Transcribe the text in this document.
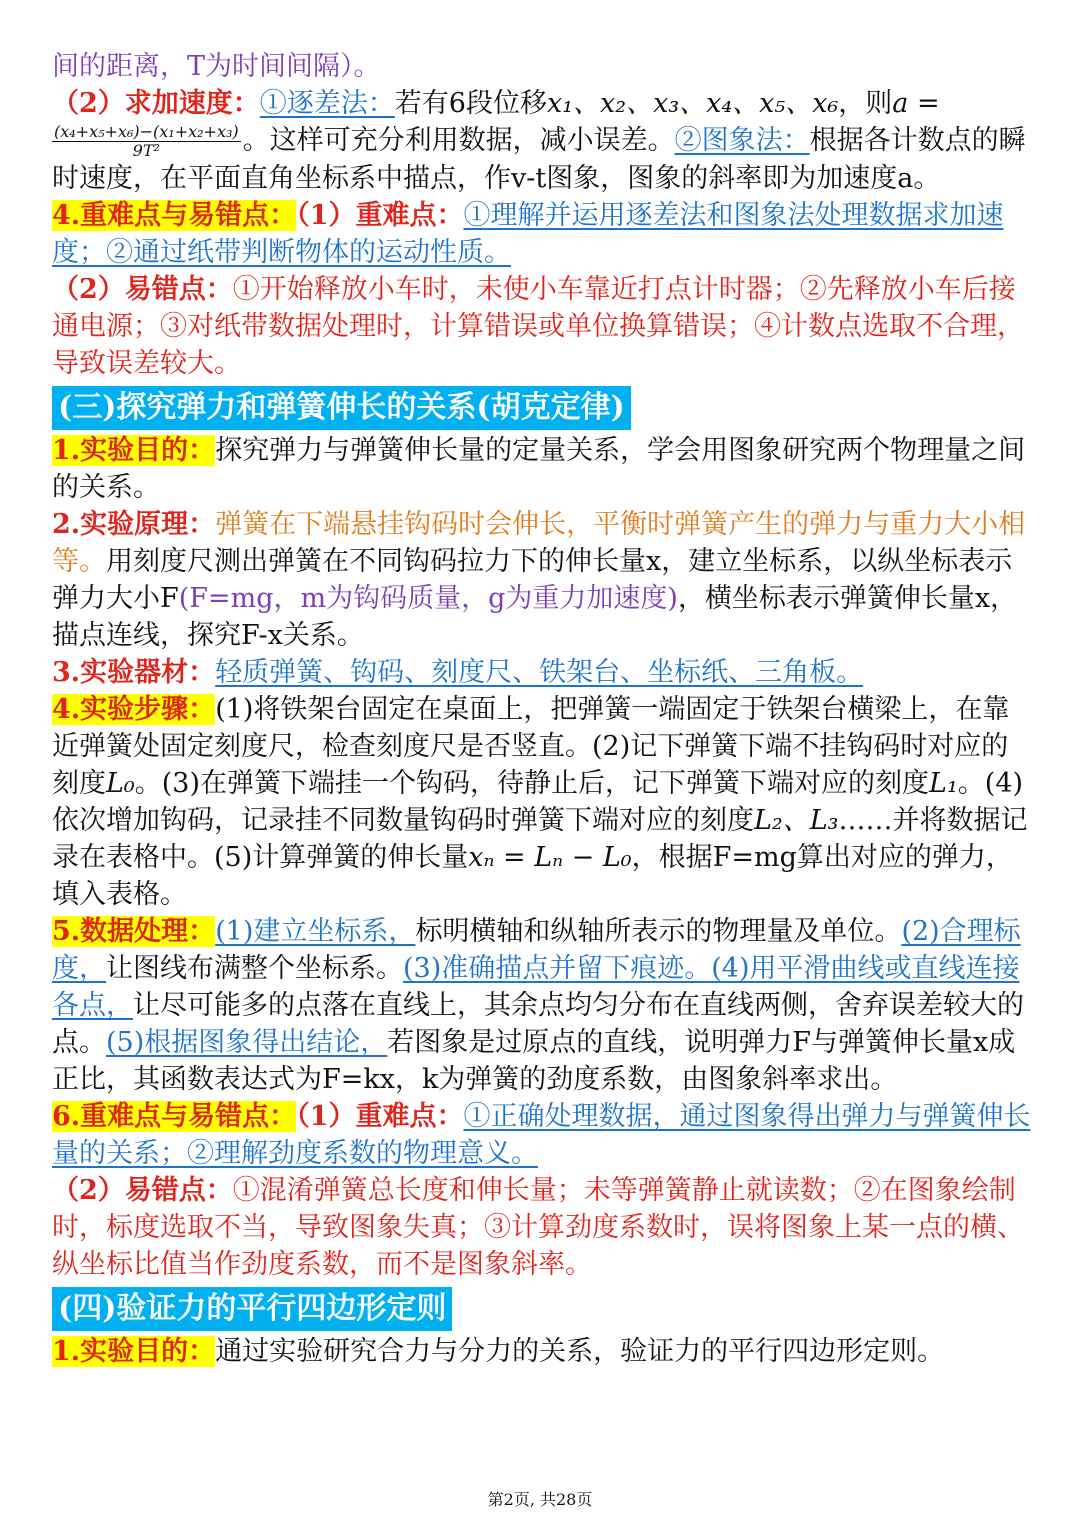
间的距离，T为时间间隔）。

（2）求加速度：①逐差法：若有6段位移x₁、x₂、x₃、x₄、x₅、x₆，则a =

$\frac{\text{(x₄+x₅+x₆)−(x₁+x₂+x₃)}}{\text{9T²}}$ 。这样可充分利用数据，减小误差。②图象法：根据各计数点的瞬时速度，在平面直角坐标系中描点，作v-t图象，图象的斜率即为加速度a。

4.重难点与易错点：（1）重难点：①理解并运用逐差法和图象法处理数据求加速度；②通过纸带判断物体的运动性质。

（2）易错点：①开始释放小车时，未使小车靠近打点计时器；②先释放小车后接通电源；③对纸带数据处理时，计算错误或单位换算错误；④计数点选取不合理，导致误差较大。

(三)探究弹力和弹簧伸长的关系(胡克定律)

1.实验目的：探究弹力与弹簧伸长量的定量关系，学会用图象研究两个物理量之间的关系。

2.实验原理：弹簧在下端悬挂钩码时会伸长，平衡时弹簧产生的弹力与重力大小相等。用刻度尺测出弹簧在不同钩码拉力下的伸长量x，建立坐标系，以纵坐标表示弹力大小F(F=mg，m为钩码质量，g为重力加速度)，横坐标表示弹簧伸长量x，描点连线，探究F-x关系。

3.实验器材：轻质弹簧、钩码、刻度尺、铁架台、坐标纸、三角板。

4.实验步骤：(1)将铁架台固定在桌面上，把弹簧一端固定于铁架台横梁上，在靠近弹簧处固定刻度尺，检查刻度尺是否竖直。(2)记下弹簧下端不挂钩码时对应的刻度L₀。(3)在弹簧下端挂一个钩码，待静止后，记下弹簧下端对应的刻度L₁。(4)依次增加钩码，记录挂不同数量钩码时弹簧下端对应的刻度L₂、L₃……并将数据记录在表格中。(5)计算弹簧的伸长量xₙ = Lₙ − L₀，根据F=mg算出对应的弹力，填入表格。

5.数据处理：(1)建立坐标系，标明横轴和纵轴所表示的物理量及单位。(2)合理标度，让图线布满整个坐标系。(3)准确描点并留下痕迹。(4)用平滑曲线或直线连接各点，让尽可能多的点落在直线上，其余点均匀分布在直线两侧，舍弃误差较大的点。(5)根据图象得出结论，若图象是过原点的直线，说明弹力F与弹簧伸长量x成正比，其函数表达式为F=kx，k为弹簧的劲度系数，由图象斜率求出。

6.重难点与易错点：（1）重难点：①正确处理数据，通过图象得出弹力与弹簧伸长量的关系；②理解劲度系数的物理意义。

（2）易错点：①混淆弹簧总长度和伸长量；未等弹簧静止就读数；②在图象绘制时，标度选取不当，导致图象失真；③计算劲度系数时，误将图象上某一点的横、纵坐标比值当作劲度系数，而不是图象斜率。

(四)验证力的平行四边形定则

1.实验目的：通过实验研究合力与分力的关系，验证力的平行四边形定则。

第2页, 共28页
